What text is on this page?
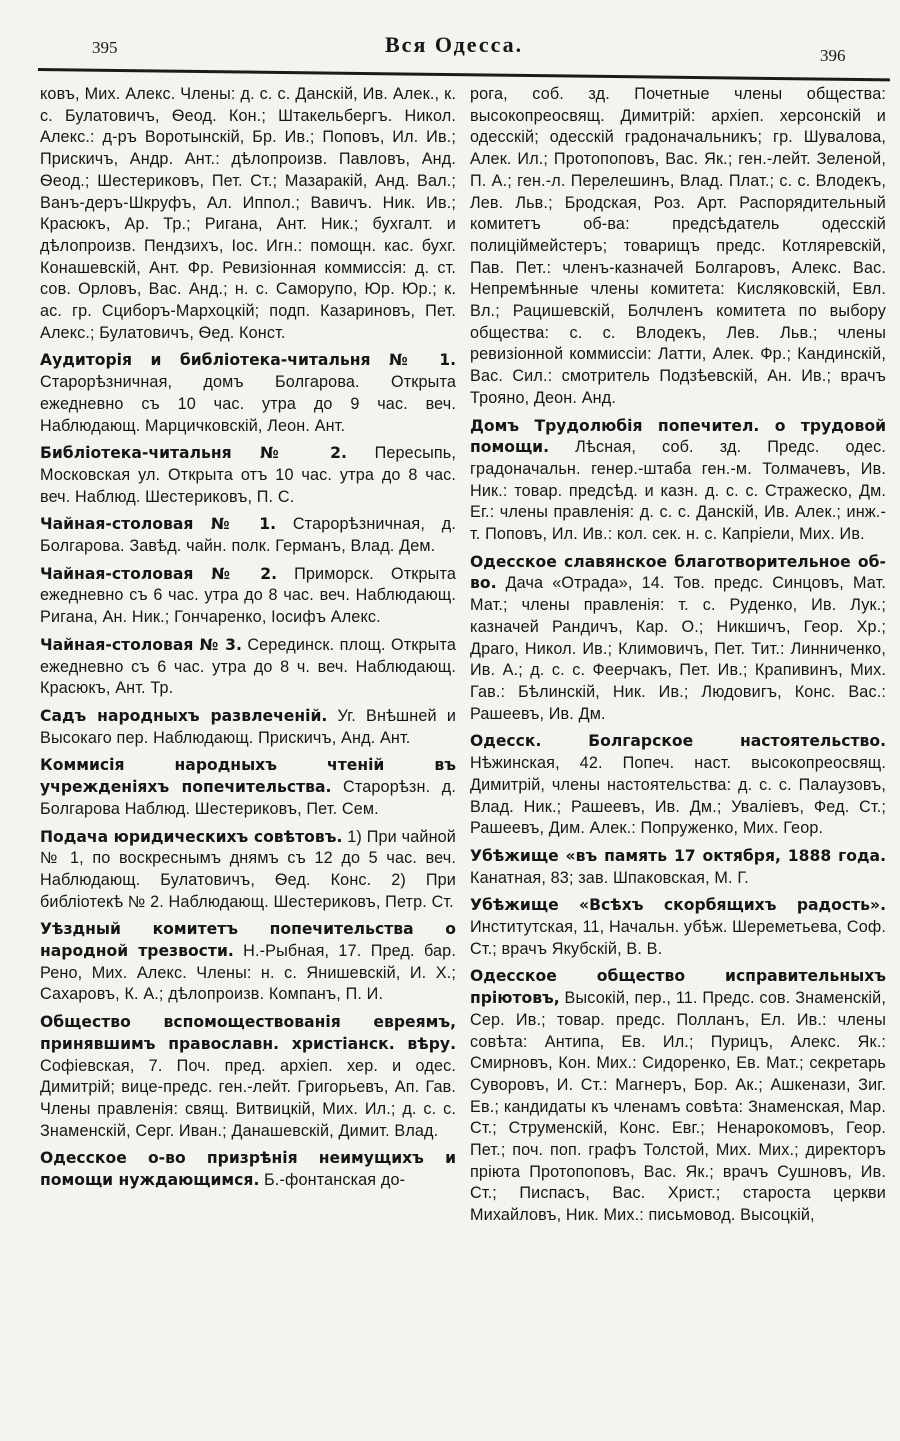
395	Вся Одесса.	396

ковъ, Мих. Алекс. Члены: д. с. с. Данскій, Ив. Алек., к. с. Булатовичъ, Ѳеод. Кон.; Штакельбергъ. Никол. Алекс.: д-ръ Воротынскій, Бр. Ив.; Поповъ, Ил. Ив.; Прискичъ, Андр. Ант.: дѣлопроизв. Павловъ, Анд. Ѳеод.; Шестериковъ, Пет. Ст.; Мазаракій, Анд. Вал.; Ванъ-деръ-Шкруфъ, Ал. Иппол.; Вавичъ. Ник. Ив.; Красюкъ, Ар. Тр.; Ригана, Ант. Ник.; бухгалт. и дѣлопроизв. Пендзихъ, Іос. Игн.: помощн. кас. бухг. Конашевскій, Ант. Фр. Ревизіонная коммиссія: д. ст. сов. Орловъ, Вас. Анд.; н. с. Саморупо, Юр. Юр.; к. ас. гр. Сциборъ-Мархоцкій; подп. Казариновъ, Пет. Алекс.; Булатовичъ, Ѳед. Конст.

Аудиторія и библіотека-читальня № 1. Старорѣзничная, домъ Болгарова. Открыта ежедневно съ 10 час. утра до 9 час. веч. Наблюдающ. Марцичковскій, Леон. Ант.

Библіотека-читальня № 2. Пересыпь, Московская ул. Открыта отъ 10 час. утра до 8 час. веч. Наблюд. Шестериковъ, П. С.

Чайная-столовая № 1. Старорѣзничная, д. Болгарова. Завѣд. чайн. полк. Германъ, Влад. Дем.

Чайная-столовая № 2. Приморск. Открыта ежедневно съ 6 час. утра до 8 час. веч. Наблюдающ. Ригана, Ан. Ник.; Гончаренко, Іосифъ Алекс.

Чайная-столовая № 3. Серединск. площ. Открыта ежедневно съ 6 час. утра до 8 ч. веч. Наблюдающ. Красюкъ, Ант. Тр.

Садъ народныхъ развлеченій. Уг. Внѣшней и Высокаго пер. Наблюдающ. Прискичъ, Анд. Ант.

Коммисія народныхъ чтеній въ учрежденіяхъ попечительства. Старорѣзн. д. Болгарова Наблюд. Шестериковъ, Пет. Сем.

Подача юридическихъ совѣтовъ. 1) При чайной № 1, по воскреснымъ днямъ съ 12 до 5 час. веч. Наблюдающ. Булатовичъ, Ѳед. Конс. 2) При библіотекѣ № 2. Наблюдающ. Шестериковъ, Петр. Ст.

Уѣздный комитетъ попечительства о народной трезвости. Н.-Рыбная, 17. Пред. бар. Рено, Мих. Алекс. Члены: н. с. Янишевскій, И. Х.; Сахаровъ, К. А.; дѣлопроизв. Компанъ, П. И.

Общество вспомоществованія евреямъ, принявшимъ православн. христіанск. вѣру. Софіевская, 7. Поч. пред. архіеп. хер. и одес. Димитрій; вице-предс. ген.-лейт. Григорьевъ, Ап. Гав. Члены правленія: свящ. Витвицкій, Мих. Ил.; д. с. с. Знаменскій, Серг. Иван.; Данашевскій, Димит. Влад.

Одесское о-во призрѣнія неимущихъ и помощи нуждающимся. Б.-фонтанская до-

рога, соб. зд. Почетные члены общества: высокопреосвящ. Димитрій: архіеп. херсонскій и одесскій; одесскій градоначальникъ; гр. Шувалова, Алек. Ил.; Протопоповъ, Вас. Як.; ген.-лейт. Зеленой, П. А.; ген.-л. Перелешинъ, Влад. Плат.; с. с. Влодекъ, Лев. Льв.; Бродская, Роз. Арт. Распорядительный комитетъ об-ва: предсѣдатель одесскій полиціймейстеръ; товарищъ предс. Котляревскій, Пав. Пет.: членъ-казначей Болгаровъ, Алекс. Вас. Непремѣнные члены комитета: Кисляковскій, Евл. Вл.; Рацишевскій, Болчленъ комитета по выбору общества: с. с. Влодекъ, Лев. Льв.; члены ревизіонной коммиссіи: Латти, Алек. Фр.; Кандинскій, Вас. Сил.: смотритель Подзѣевскій, Ан. Ив.; врачъ Трояно, Деон. Анд.

Домъ Трудолюбія попечител. о трудовой помощи. Лѣсная, соб. зд. Предс. одес. градоначальн. генер.-штаба ген.-м. Толмачевъ, Ив. Ник.: товар. предсѣд. и казн. д. с. с. Стражеско, Дм. Ег.: члены правленія: д. с. с. Данскій, Ив. Алек.; инж.-т. Поповъ, Ил. Ив.: кол. сек. н. с. Капріели, Мих. Ив.

Одесское славянское благотворительное об-во. Дача «Отрада», 14. Тов. предс. Синцовъ, Мат. Мат.; члены правленія: т. с. Руденко, Ив. Лук.; казначей Рандичъ, Кар. О.; Никшичъ, Геор. Хр.; Драго, Никол. Ив.; Климовичъ, Пет. Тит.: Линниченко, Ив. А.; д. с. с. Феерчакъ, Пет. Ив.; Крапивинъ, Мих. Гав.: Бѣлинскій, Ник. Ив.; Людовигъ, Конс. Вас.: Рашеевъ, Ив. Дм.

Одесск. Болгарское настоятельство. Нѣжинская, 42. Попеч. наст. высокопреосвящ. Димитрій, члены настоятельства: д. с. с. Палаузовъ, Влад. Ник.; Рашеевъ, Ив. Дм.; Уваліевъ, Фед. Ст.; Рашеевъ, Дим. Алек.: Попруженко, Мих. Геор.

Убѣжище «въ память 17 октября, 1888 года. Канатная, 83; зав. Шпаковская, М. Г.

Убѣжище «Всѣхъ скорбящихъ радость». Институтская, 11, Начальн. убѣж. Шереметьева, Соф. Ст.; врачъ Якубскій, В. В.

Одесское общество исправительныхъ пріютовъ, Высокій, пер., 11. Предс. сов. Знаменскій, Сер. Ив.; товар. предс. Полланъ, Ел. Ив.: члены совѣта: Антипа, Ев. Ил.; Пурицъ, Алекс. Як.: Смирновъ, Кон. Мих.: Сидоренко, Ев. Мат.; секретарь Суворовъ, И. Ст.: Магнеръ, Бор. Ак.; Ашкенази, Зиг. Ев.; кандидаты къ членамъ совѣта: Знаменская, Мар. Ст.; Струменскій, Конс. Евг.; Ненарокомовъ, Геор. Пет.; поч. поп. графъ Толстой, Мих. Мих.; директоръ пріюта Протопоповъ, Вас. Як.; врачъ Сушновъ, Ив. Ст.; Писпасъ, Вас. Христ.; староста церкви Михайловъ, Ник. Мих.: письмовод. Высоцкій,
